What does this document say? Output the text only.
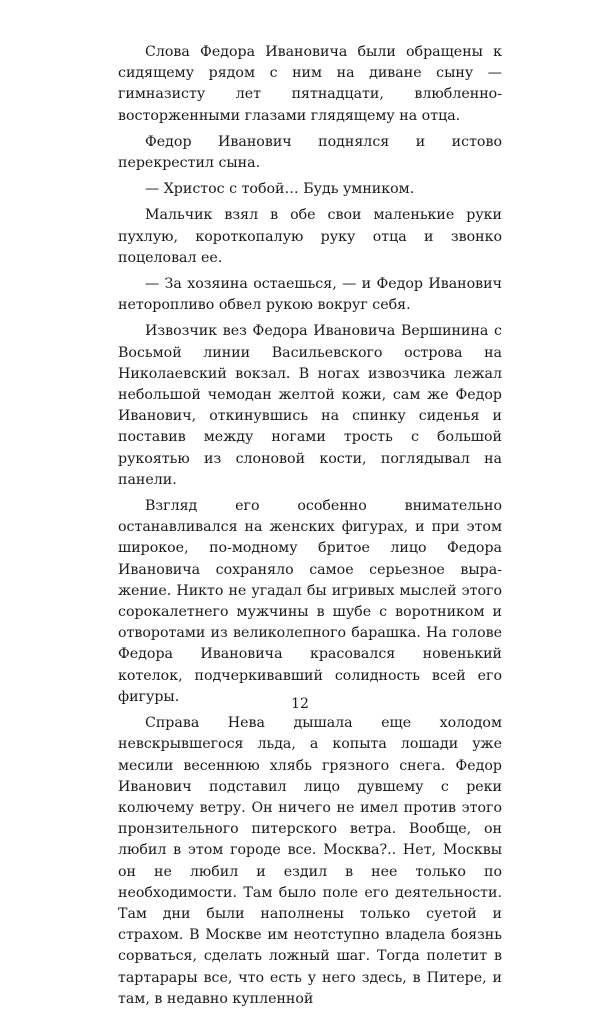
Слова Федора Ивановича были обращены к сидящему рядом с ним на диване сыну — гимназисту лет пятнадцати, влюбленно-восторженными глазами глядящему на отца.

Федор Иванович поднялся и истово перекрестил сына.

— Христос с тобой… Будь умником.

Мальчик взял в обе свои маленькие руки пухлую, короткопалую руку отца и звонко поцеловал ее.

— За хозяина остаешься, — и Федор Иванович неторопливо обвел рукою вокруг себя.

Извозчик вез Федора Ивановича Вершинина с Восьмой линии Васильевского острова на Николаевский вокзал. В ногах извозчика лежал небольшой чемодан желтой кожи, сам же Федор Иванович, откинувшись на спинку сиденья и поставив между ногами трость с большой рукоятью из слоновой кости, поглядывал на панели.

Взгляд его особенно внимательно останавливался на женских фигурах, и при этом широкое, по-модному бритое лицо Федора Ивановича сохраняло самое серьезное выражение. Никто не угадал бы игривых мыслей этого сорокалетнего мужчины в шубе с воротником и отворотами из великолепного барашка. На голове Федора Ивановича красовался новенький котелок, подчеркивавший солидность всей его фигуры.

Справа Нева дышала еще холодом невскрывшегося льда, а копыта лошади уже месили весеннюю хлябь грязного снега. Федор Иванович подставил лицо дувшему с реки колючему ветру. Он ничего не имел против этого пронзительного питерского ветра. Вообще, он любил в этом городе все. Москва?.. Нет, Москвы он не любил и ездил в нее только по необходимости. Там было поле его деятельности. Там дни были наполнены только суетой и страхом. В Москве им неотступно владела боязнь сорваться, сделать ложный шаг. Тогда полетит в тартарары все, что есть у него здесь, в Питере, и там, в недавно купленной

12
